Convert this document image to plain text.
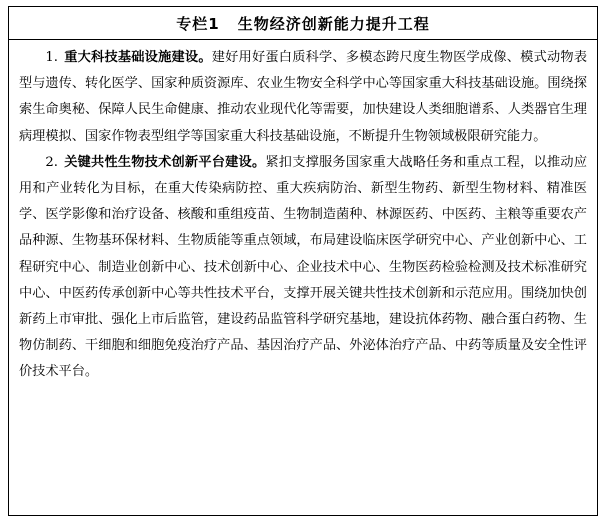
专栏1 生物经济创新能力提升工程

1. 重大科技基础设施建设。建好用好蛋白质科学、多模态跨尺度生物医学成像、模式动物表型与遗传、转化医学、国家种质资源库、农业生物安全科学中心等国家重大科技基础设施。围绕探索生命奥秘、保障人民生命健康、推动农业现代化等需要，加快建设人类细胞谱系、人类器官生理病理模拟、国家作物表型组学等国家重大科技基础设施，不断提升生物领域极限研究能力。

2. 关键共性生物技术创新平台建设。紧扣支撑服务国家重大战略任务和重点工程，以推动应用和产业转化为目标，在重大传染病防控、重大疾病防治、新型生物药、新型生物材料、精准医学、医学影像和治疗设备、核酸和重组疫苗、生物制造菌种、林源医药、中医药、主粮等重要农产品种源、生物基环保材料、生物质能等重点领域，布局建设临床医学研究中心、产业创新中心、工程研究中心、制造业创新中心、技术创新中心、企业技术中心、生物医药检验检测及技术标准研究中心、中医药传承创新中心等共性技术平台，支撑开展关键共性技术创新和示范应用。围绕加快创新药上市审批、强化上市后监管，建设药品监管科学研究基地，建设抗体药物、融合蛋白药物、生物仿制药、干细胞和细胞免疫治疗产品、基因治疗产品、外泌体治疗产品、中药等质量及安全性评价技术平台。
